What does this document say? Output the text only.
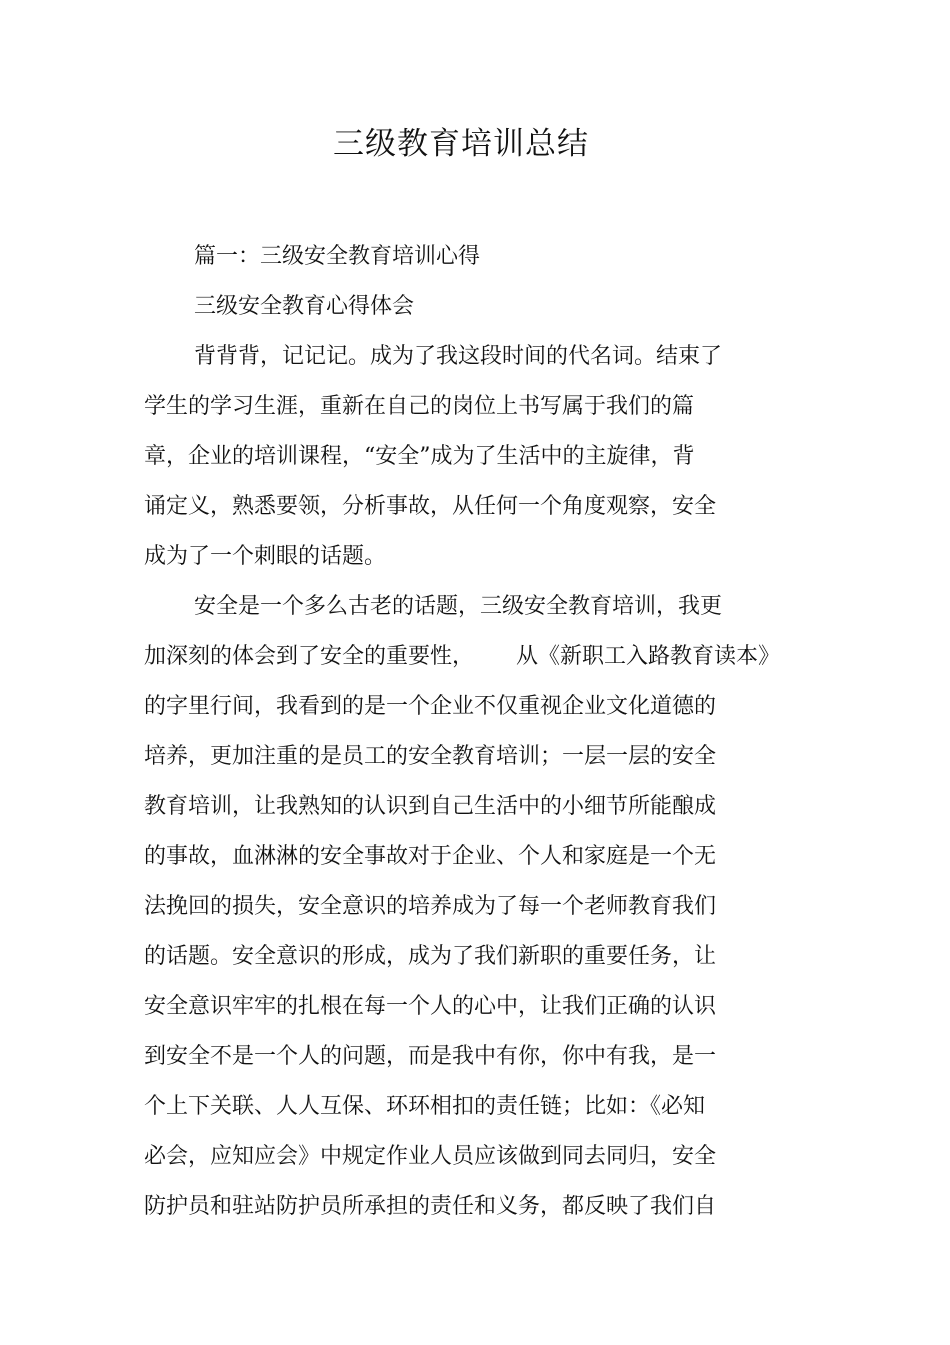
三级教育培训总结
篇一：三级安全教育培训心得
三级安全教育心得体会
背背背，记记记。成为了我这段时间的代名词。结束了
学生的学习生涯，重新在自己的岗位上书写属于我们的篇
章，企业的培训课程，“安全”成为了生活中的主旋律，背
诵定义，熟悉要领，分析事故，从任何一个角度观察，安全
成为了一个刺眼的话题。
安全是一个多么古老的话题，三级安全教育培训，我更
加深刻的体会到了安全的重要性，      从《新职工入路教育读本》
的字里行间，我看到的是一个企业不仅重视企业文化道德的
培养，更加注重的是员工的安全教育培训；一层一层的安全
教育培训，让我熟知的认识到自己生活中的小细节所能酿成
的事故，血淋淋的安全事故对于企业、个人和家庭是一个无
法挽回的损失，安全意识的培养成为了每一个老师教育我们
的话题。安全意识的形成，成为了我们新职的重要任务，让
安全意识牢牢的扎根在每一个人的心中，让我们正确的认识
到安全不是一个人的问题，而是我中有你，你中有我，是一
个上下关联、人人互保、环环相扣的责任链；比如：《必知
必会，应知应会》中规定作业人员应该做到同去同归，安全
防护员和驻站防护员所承担的责任和义务，都反映了我们自
